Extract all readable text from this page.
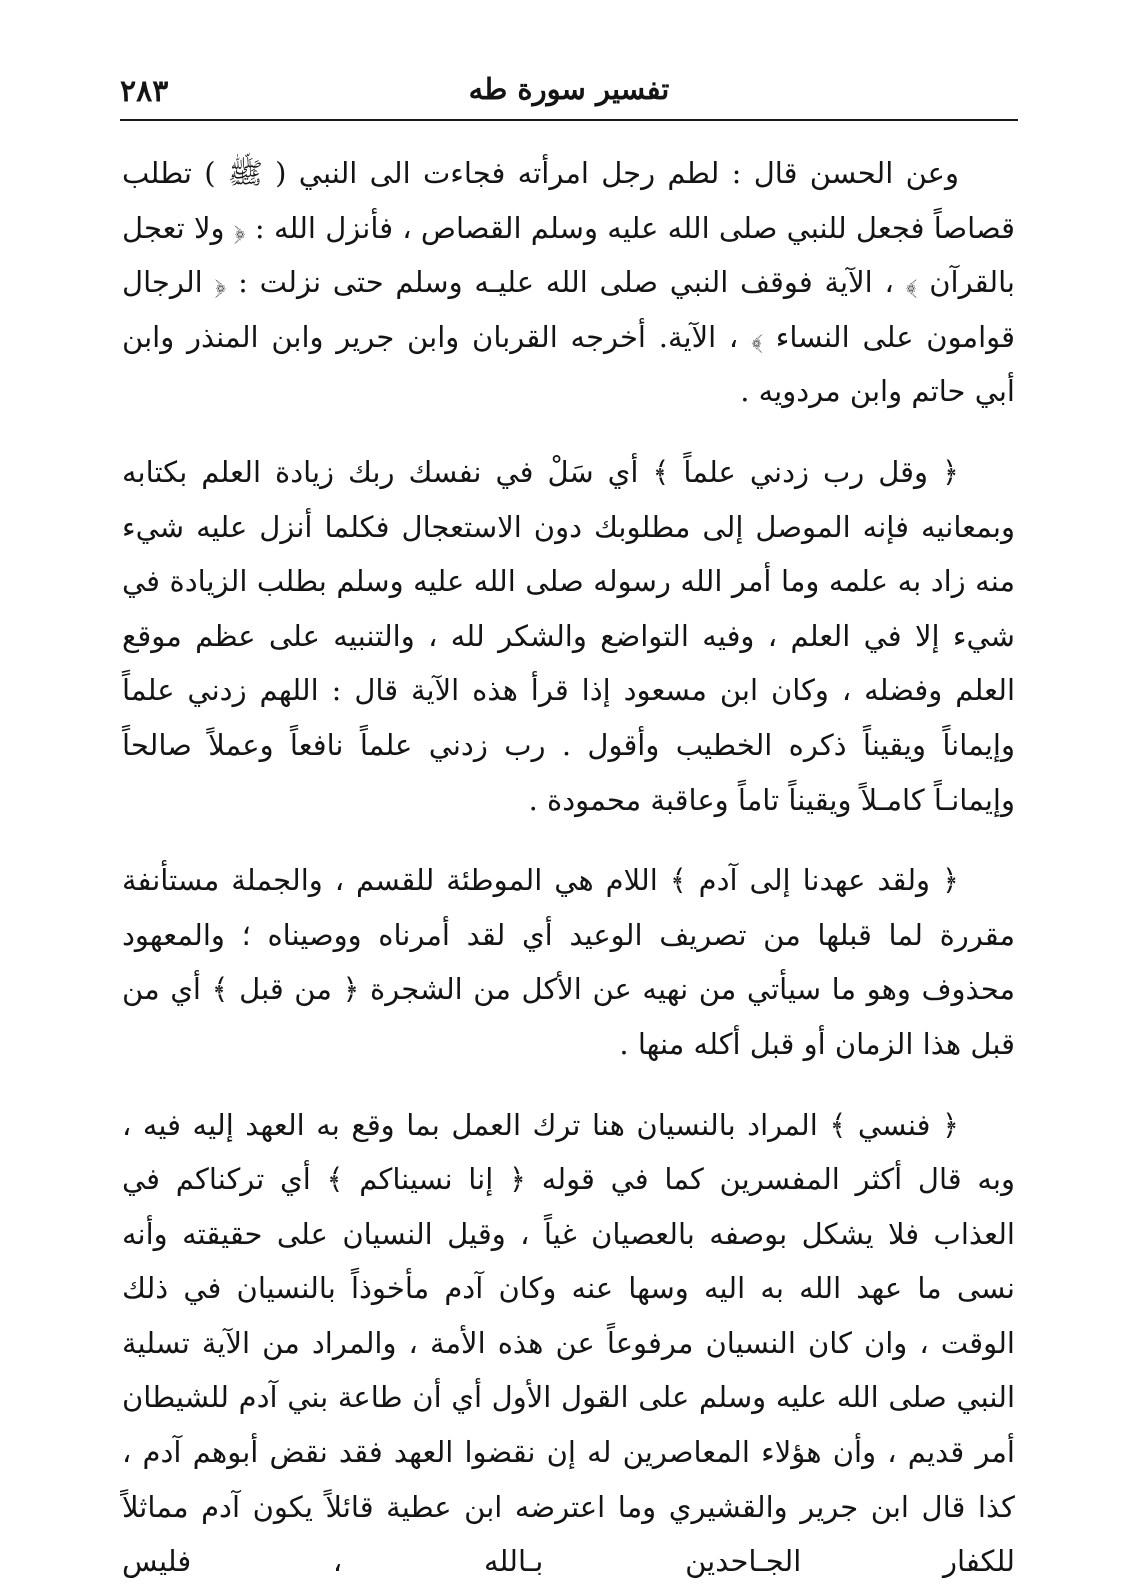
٢٨٣	تفسير سورة طه

وعن الحسن قال : لطم رجل امرأته فجاءت الى النبي ( ﷺ ) تطلب قصاصاً فجعل للنبي صلى الله عليه وسلم القصاص ، فأنزل الله : ﴿ ولا تعجل بالقرآن ﴾ ، الآية فوقف النبي صلى الله عليـه وسلم حتى نزلت : ﴿ الرجال قوامون على النساء ﴾ ، الآية. أخرجه القربان وابن جرير وابن المنذر وابن أبي حاتم وابن مردويه .

﴿ وقل رب زدني علماً ﴾ أي سَلْ في نفسك ربك زيادة العلم بكتابه وبمعانيه فإنه الموصل إلى مطلوبك دون الاستعجال فكلما أنزل عليه شيء منه زاد به علمه وما أمر الله رسوله صلى الله عليه وسلم بطلب الزيادة في شيء إلا في العلم ، وفيه التواضع والشكر لله ، والتنبيه على عظم موقع العلم وفضله ، وكان ابن مسعود إذا قرأ هذه الآية قال : اللهم زدني علماً وإيماناً ويقيناً ذكره الخطيب وأقول . رب زدني علماً نافعاً وعملاً صالحاً وإيمانـاً كامـلاً ويقيناً تاماً وعاقبة محمودة .

﴿ ولقد عهدنا إلى آدم ﴾ اللام هي الموطئة للقسم ، والجملة مستأنفة مقررة لما قبلها من تصريف الوعيد أي لقد أمرناه ووصيناه ؛ والمعهود محذوف وهو ما سيأتي من نهيه عن الأكل من الشجرة ﴿ من قبل ﴾ أي من قبل هذا الزمان أو قبل أكله منها .

﴿ فنسي ﴾ المراد بالنسيان هنا ترك العمل بما وقع به العهد إليه فيه ، وبه قال أكثر المفسرين كما في قوله ﴿ إنا نسيناكم ﴾ أي تركناكم في العذاب فلا يشكل بوصفه بالعصيان غياً ، وقيل النسيان على حقيقته وأنه نسى ما عهد الله به اليه وسها عنه وكان آدم مأخوذاً بالنسيان في ذلك الوقت ، وان كان النسيان مرفوعاً عن هذه الأمة ، والمراد من الآية تسلية النبي صلى الله عليه وسلم على القول الأول أي أن طاعة بني آدم للشيطان أمر قديم ، وأن هؤلاء المعاصرين له إن نقضوا العهد فقد نقض أبوهم آدم ، كذا قال ابن جرير والقشيري وما اعترضه ابن عطية قائلاً يكون آدم مماثلاً للكفار الجـاحدين بـالله ، فليس
